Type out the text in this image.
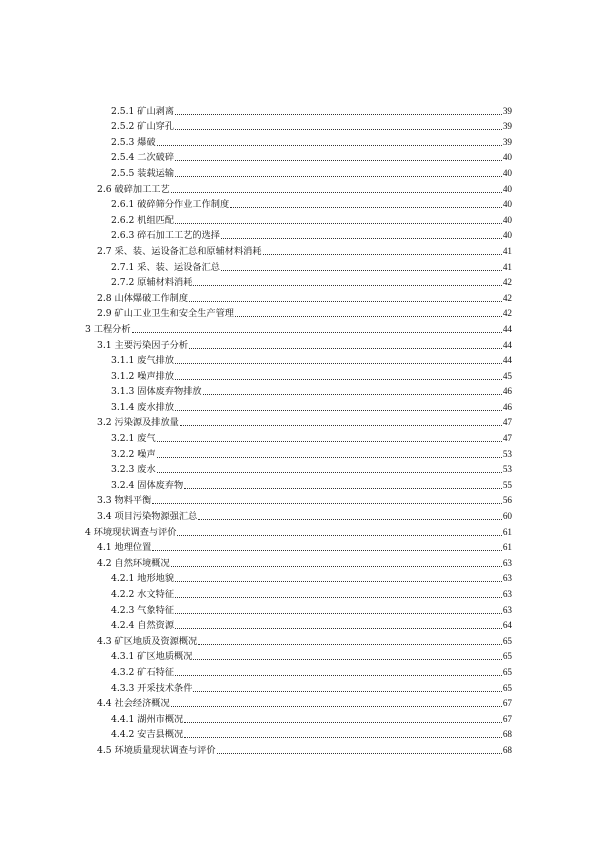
2.5.1 矿山剥离	39
2.5.2 矿山穿孔	39
2.5.3 爆破	39
2.5.4 二次破碎	40
2.5.5 装载运输	40
2.6 破碎加工工艺	40
2.6.1 破碎筛分作业工作制度	40
2.6.2 机组匹配	40
2.6.3 碎石加工工艺的选择	40
2.7 采、装、运设备汇总和原辅材料消耗	41
2.7.1 采、装、运设备汇总	41
2.7.2 原辅材料消耗	42
2.8 山体爆破工作制度	42
2.9 矿山工业卫生和安全生产管理	42
3 工程分析	44
3.1 主要污染因子分析	44
3.1.1 废气排放	44
3.1.2 噪声排放	45
3.1.3 固体废弃物排放	46
3.1.4 废水排放	46
3.2 污染源及排放量	47
3.2.1 废气	47
3.2.2 噪声	53
3.2.3 废水	53
3.2.4 固体废弃物	55
3.3 物料平衡	56
3.4 项目污染物源强汇总	60
4 环境现状调查与评价	61
4.1 地理位置	61
4.2 自然环境概况	63
4.2.1 地形地貌	63
4.2.2 水文特征	63
4.2.3 气象特征	63
4.2.4 自然资源	64
4.3 矿区地质及资源概况	65
4.3.1 矿区地质概况	65
4.3.2 矿石特征	65
4.3.3 开采技术条件	65
4.4 社会经济概况	67
4.4.1 湖州市概况	67
4.4.2 安吉县概况	68
4.5 环境质量现状调查与评价	68
